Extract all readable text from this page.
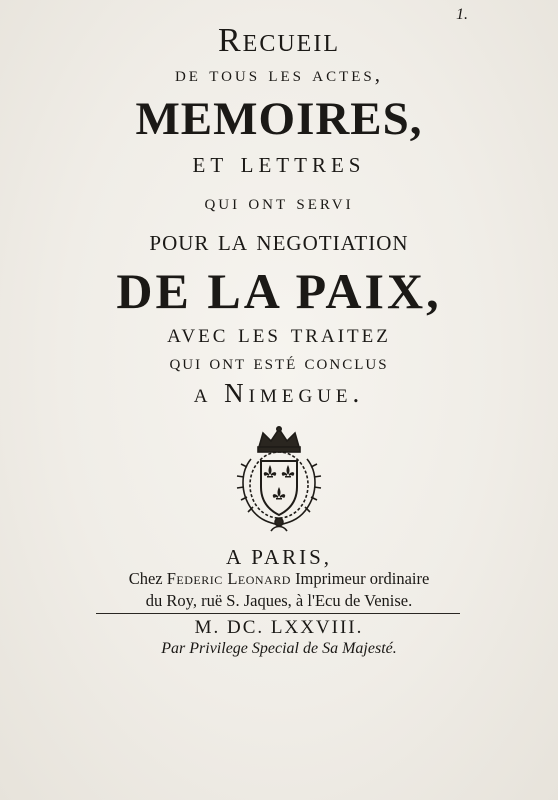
1.
Recueil
de tous les actes,
MEMOIRES,
et lettres
qui ont servi
pour la negotiation
DE LA PAIX,
avec les traitez
qui ont esté conclus
a Nimegue.
A PARIS,
Chez Federic Leonard Imprimeur ordinaire
du Roy, ruë S. Jaques, à l'Ecu de Venise.
M. DC. LXXVIII.
Par Privilege Special de Sa Majesté.
